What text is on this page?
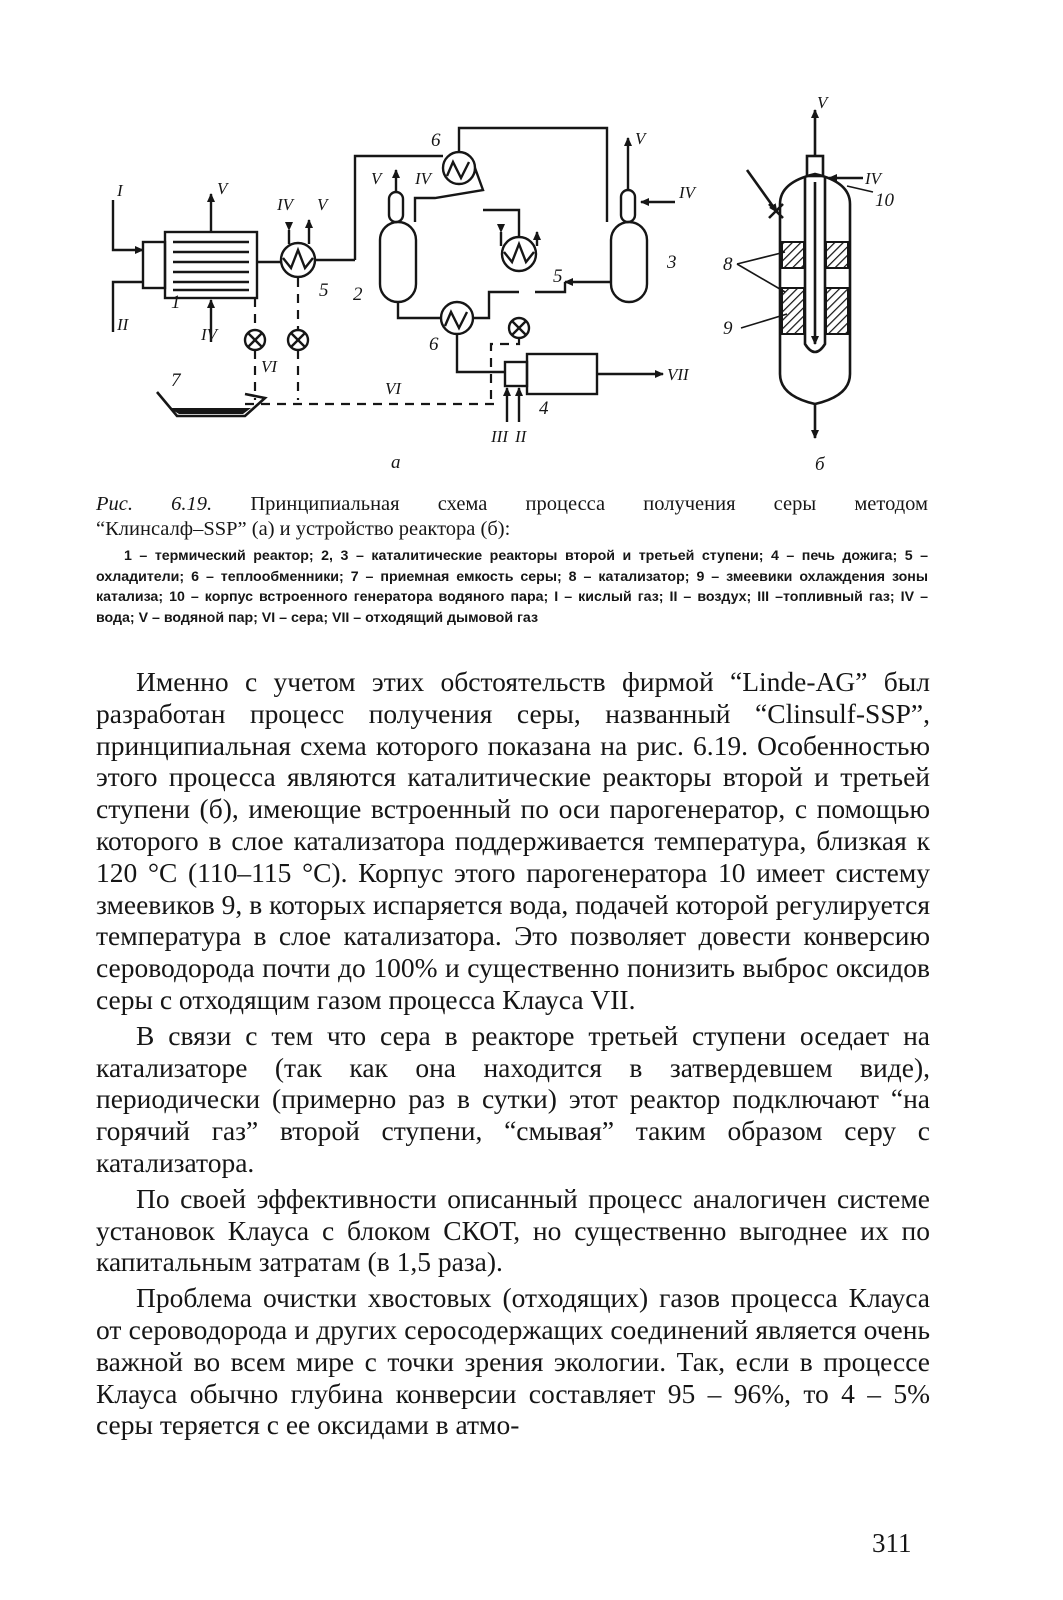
I
II
V
IV V
V IV
V
IV
IV
VI
VI
VII
III II
V
IV
1	2
3
4
5
5
6
6
7
8
9
10
а	б

Рис. 6.19. Принципиальная схема процесса получения серы методом

“Клинсалф–SSP” (а) и устройство реактора (б):

1 – термический реактор; 2, 3 – каталитические реакторы второй и третьей ступени; 4 – печь дожига; 5 – охладители; 6 – теплообменники; 7 – приемная емкость серы; 8 – катализатор; 9 – змеевики охлаждения зоны катализа; 10 – корпус встроенного генератора водяного пара; I – кислый газ; II – воздух; III –топливный газ; IV – вода; V – водяной пар; VI – сера; VII – отходящий дымовой газ

Именно с учетом этих обстоятельств фирмой “Linde-AG” был разработан процесс получения серы, названный “Clinsulf-SSP”, принципиальная схема которого показана на рис. 6.19. Особенностью этого процесса являются каталитические реакторы второй и третьей ступени (б), имеющие встроенный по оси парогенератор, с помощью которого в слое катализатора поддерживается температура, близкая к 120 °С (110–115 °С). Корпус этого парогенератора 10 имеет систему змеевиков 9, в которых испаряется вода, подачей которой регулируется температура в слое катализатора. Это позволяет довести конверсию сероводорода почти до 100% и существенно понизить выброс оксидов серы с отходящим газом процесса Клауса VII.

В связи с тем что сера в реакторе третьей ступени оседает на катализаторе (так как она находится в затвердевшем виде), периодически (примерно раз в сутки) этот реактор подключают “на горячий газ” второй ступени, “смывая” таким образом серу с катализатора.

По своей эффективности описанный процесс аналогичен системе установок Клауса с блоком СКОТ, но существенно выгоднее их по капитальным затратам (в 1,5 раза).

Проблема очистки хвостовых (отходящих) газов процесса Клауса от сероводорода и других серосодержащих соединений является очень важной во всем мире с точки зрения экологии. Так, если в процессе Клауса обычно глубина конверсии составляет 95 – 96%, то 4 – 5% серы теряется с ее оксидами в атмо-

311
